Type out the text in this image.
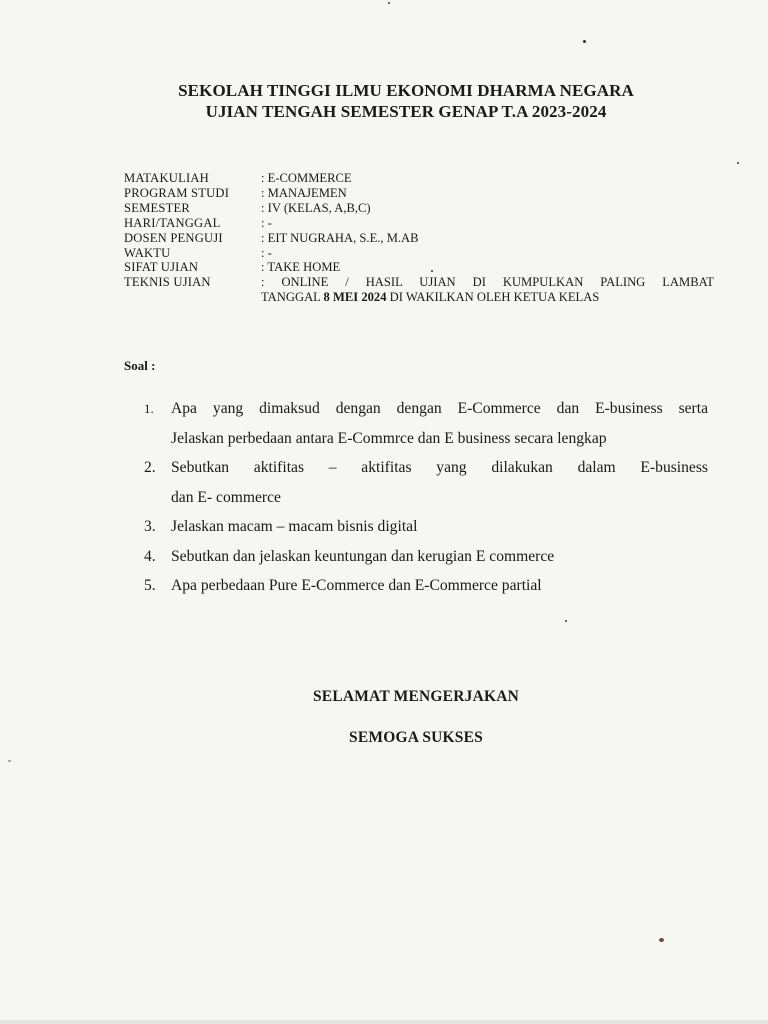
SEKOLAH TINGGI ILMU EKONOMI DHARMA NEGARA
UJIAN TENGAH SEMESTER GENAP T.A 2023-2024
MATAKULIAH	: E-COMMERCE
PROGRAM STUDI	: MANAJEMEN
SEMESTER	: IV (KELAS, A,B,C)
HARI/TANGGAL	: -
DOSEN PENGUJI	: EIT NUGRAHA, S.E., M.AB
WAKTU	: -
SIFAT UJIAN	: TAKE HOME
TEKNIS UJIAN	: ONLINE / HASIL UJIAN DI KUMPULKAN PALING LAMBAT
TANGGAL 8 MEI 2024 DI WAKILKAN OLEH KETUA KELAS
Soal :
1.	Apa yang dimaksud dengan dengan E-Commerce dan E-business serta
Jelaskan perbedaan antara E-Commrce dan E business secara lengkap
2. Sebutkan aktifitas – aktifitas yang dilakukan dalam E-business
dan E- commerce
3. Jelaskan macam – macam bisnis digital
4. Sebutkan dan jelaskan keuntungan dan kerugian E commerce
5. Apa perbedaan Pure E-Commerce dan E-Commerce partial
SELAMAT MENGERJAKAN
SEMOGA SUKSES
